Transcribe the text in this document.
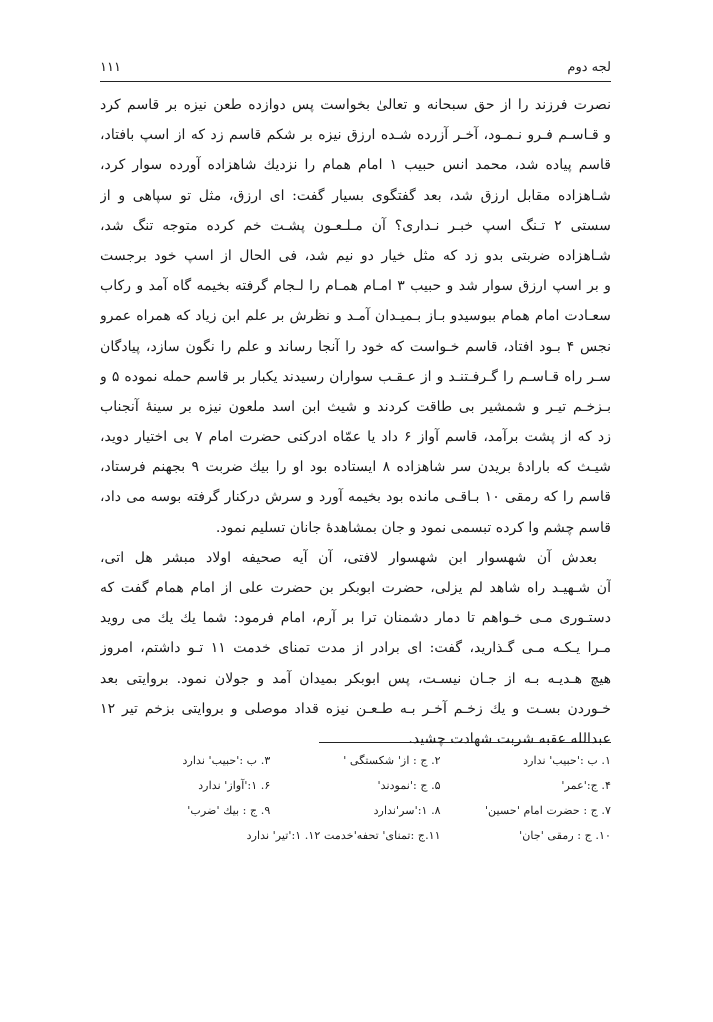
۱۱۱	لجه دوم
نصرت فرزند را از حق سبحانه و تعالیٰ بخواست پس دوازده طعن نیزه بر قاسم کرد
و قـاسـم فـرو نـمـود، آخـر آزرده شـده ارزق نیزه بر شکم قاسم زد که از اسپ بافتاد،
قاسم پیاده شد، محمد انس حبیب ۱ امام همام را نزدیك شاهزاده آورده سوار کرد،
شـاهزاده مقابل ارزق شد، بعد گفتگوی بسیار گفت: ای ارزق، مثل تو سپاهی و از
سستی ۲ تـنگ اسپ خبـر نـداری؟ آن مـلـعـون پشـت خم کرده متوجه تنگ شد،
شـاهزاده ضربتی بدو زد که مثل خیار دو نیم شد، فی الحال از اسپ خود برجست
و بر اسپ ارزق سوار شد و حبیب ۳ امـام همـام را لـجام گرفته بخیمه گاه آمد و رکاب
سعـادت امام همام ببوسیدو بـاز بـمیـدان آمـد و نظرش بر علم ابن زیاد که همراه عمرو
نجس ۴ بـود افتاد، قاسم خـواست که خود را آنجا رساند و علم را نگون سازد، پیادگان
سـر راه قـاسـم را گـرفـتنـد و از عـقـب سواران رسیدند یکبار بر قاسم حمله نموده ۵ و
بـزخـم تیـر و شمشیر بی طاقت کردند و شیث ابن اسد ملعون نیزه بر سینهٔ آنجناب
زد که از پشت برآمد، قاسم آواز ۶ داد یا عمّاه ادرکنی حضرت امام ۷ بی اختیار دوید،
شیـث که بارادهٔ بریدن سر شاهزاده ۸ ایستاده بود او را بیك ضربت ۹ بجهنم فرستاد،
قاسم را که رمقی ۱۰ بـاقـی مانده بود بخیمه آورد و سرش درکنار گرفته بوسه می داد،
قاسم چشم وا کرده تبسمی نمود و جان بمشاهدهٔ جانان تسلیم نمود.
بعدش آن شهسوار ابن شهسوار لافتی، آن آیه صحیفه اولاد مبشر هل اتی،
آن شـهیـد راه شاهد لم یزلی، حضرت ابوبکر بن حضرت علی از امام همام گفت که
دستـوری مـی خـواهم تا دمار دشمنان ترا بر آرم، امام فرمود: شما یك یك می روید
مـرا یـکـه مـی گـذارید، گفت: ای برادر از مدت تمنای خدمت ۱۱ تـو داشتم، امروز
هیچ هـدیـه بـه از جـان نیسـت، پس ابوبکر بمیدان آمد و جولان نمود. بروایتی بعد
خـوردن بسـت و یك زخـم آخـر بـه طـعـن نیزه قداد موصلی و بروایتی بزخم تیر ۱۲
عبدالله عقبه شربت شهادت چشید.
۱. ب :'حبیب' ندارد
۲. ج : از' شکستگی '
۳. ب :'حبیب' ندارد
۴. ج:'عمر'
۵. ج :'نمودند'
۶. ۱:'آواز' ندارد
۷. ج : حضرت امام 'حسین'
۸. ۱:'سر'ندارد
۹. ج : بیك 'ضرب'
۱۰. ج : رمقی 'جان'
۱۱.ج :تمنای' تحفه'خدمت ۱۲. ۱:'تیر' ندارد
